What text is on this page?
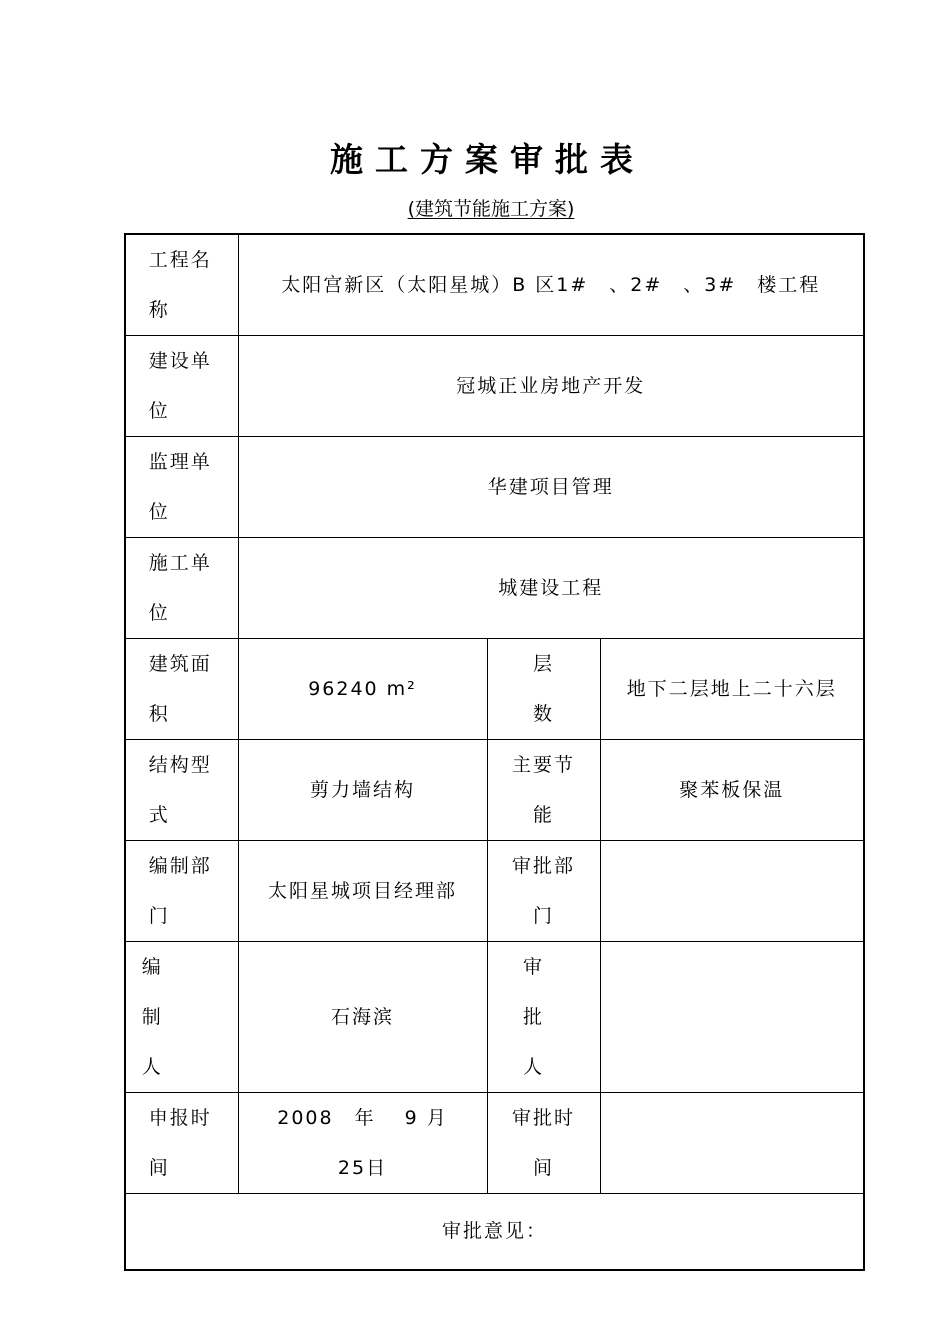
施工方案审批表
(建筑节能施工方案)
工程名称	太阳宫新区（太阳星城）B 区1#　、2#　、3#　楼工程		
建设单位	冠城正业房地产开发		
监理单位	华建项目管理		
施工单位	城建设工程		
建筑面积	96240 m²	层数	地下二层地上二十六层
结构型式	剪力墙结构	主要节能	聚苯板保温
编制部门	太阳星城项目经理部	审批部门	
编制人	石海滨	审批人	
申报时间	2008　年　 9 月25日	审批时间	
审批意见：			
